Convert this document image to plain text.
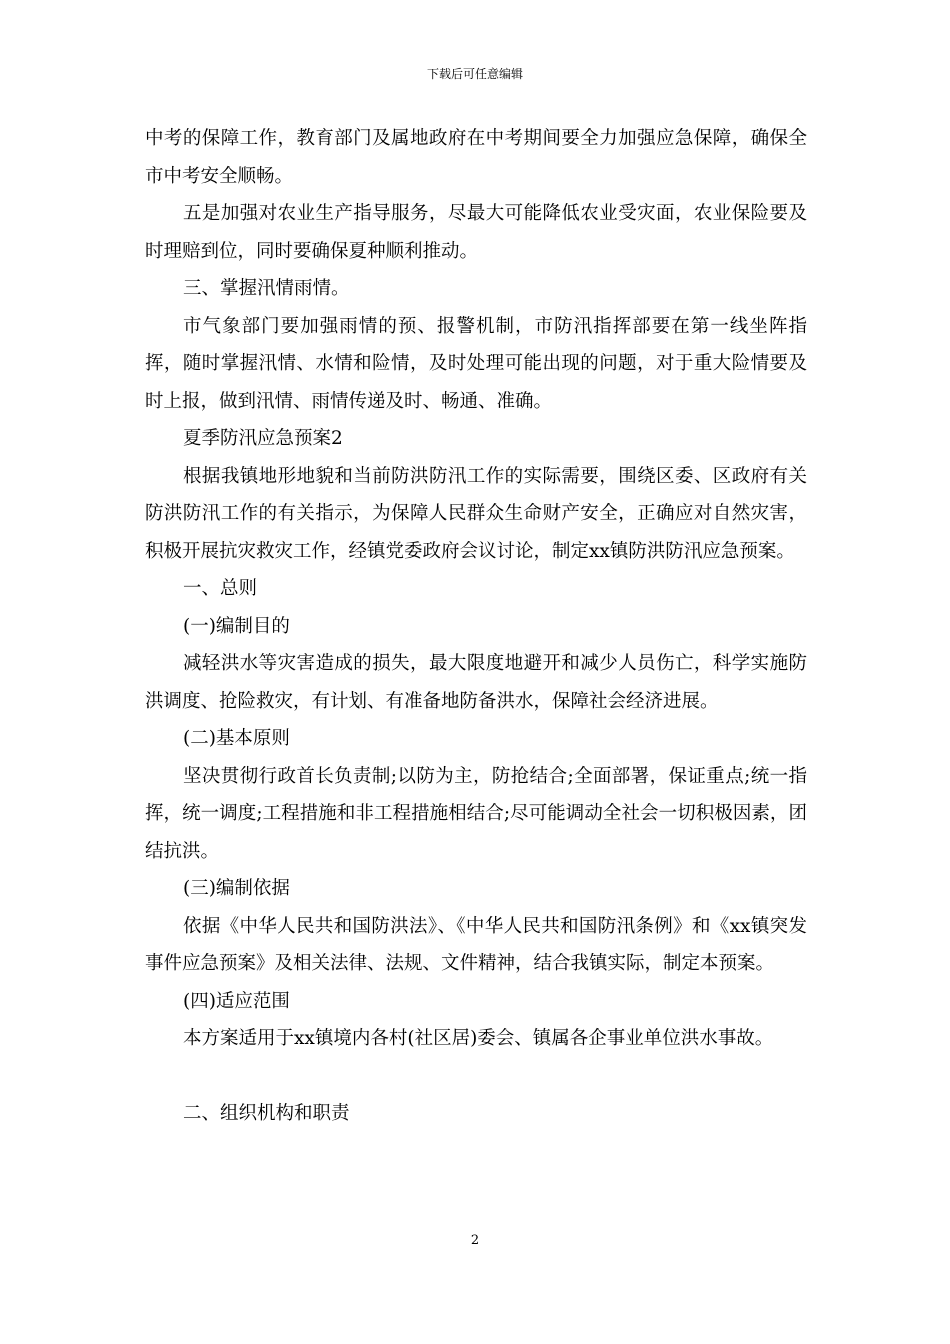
下载后可任意编辑

中考的保障工作，教育部门及属地政府在中考期间要全力加强应急保障，确保全市中考安全顺畅。

五是加强对农业生产指导服务，尽最大可能降低农业受灾面，农业保险要及时理赔到位，同时要确保夏种顺利推动。

三、掌握汛情雨情。

市气象部门要加强雨情的预、报警机制，市防汛指挥部要在第一线坐阵指挥，随时掌握汛情、水情和险情，及时处理可能出现的问题，对于重大险情要及时上报，做到汛情、雨情传递及时、畅通、准确。

夏季防汛应急预案2

根据我镇地形地貌和当前防洪防汛工作的实际需要，围绕区委、区政府有关防洪防汛工作的有关指示，为保障人民群众生命财产安全，正确应对自然灾害，积极开展抗灾救灾工作，经镇党委政府会议讨论，制定xx镇防洪防汛应急预案。

一、总则

(一)编制目的

减轻洪水等灾害造成的损失，最大限度地避开和减少人员伤亡，科学实施防洪调度、抢险救灾，有计划、有准备地防备洪水，保障社会经济进展。

(二)基本原则

坚决贯彻行政首长负责制;以防为主，防抢结合;全面部署，保证重点;统一指挥，统一调度;工程措施和非工程措施相结合;尽可能调动全社会一切积极因素，团结抗洪。

(三)编制依据

依据《中华人民共和国防洪法》、《中华人民共和国防汛条例》和《xx镇突发事件应急预案》及相关法律、法规、文件精神，结合我镇实际，制定本预案。

(四)适应范围

本方案适用于xx镇境内各村(社区居)委会、镇属各企事业单位洪水事故。

二、组织机构和职责

2
